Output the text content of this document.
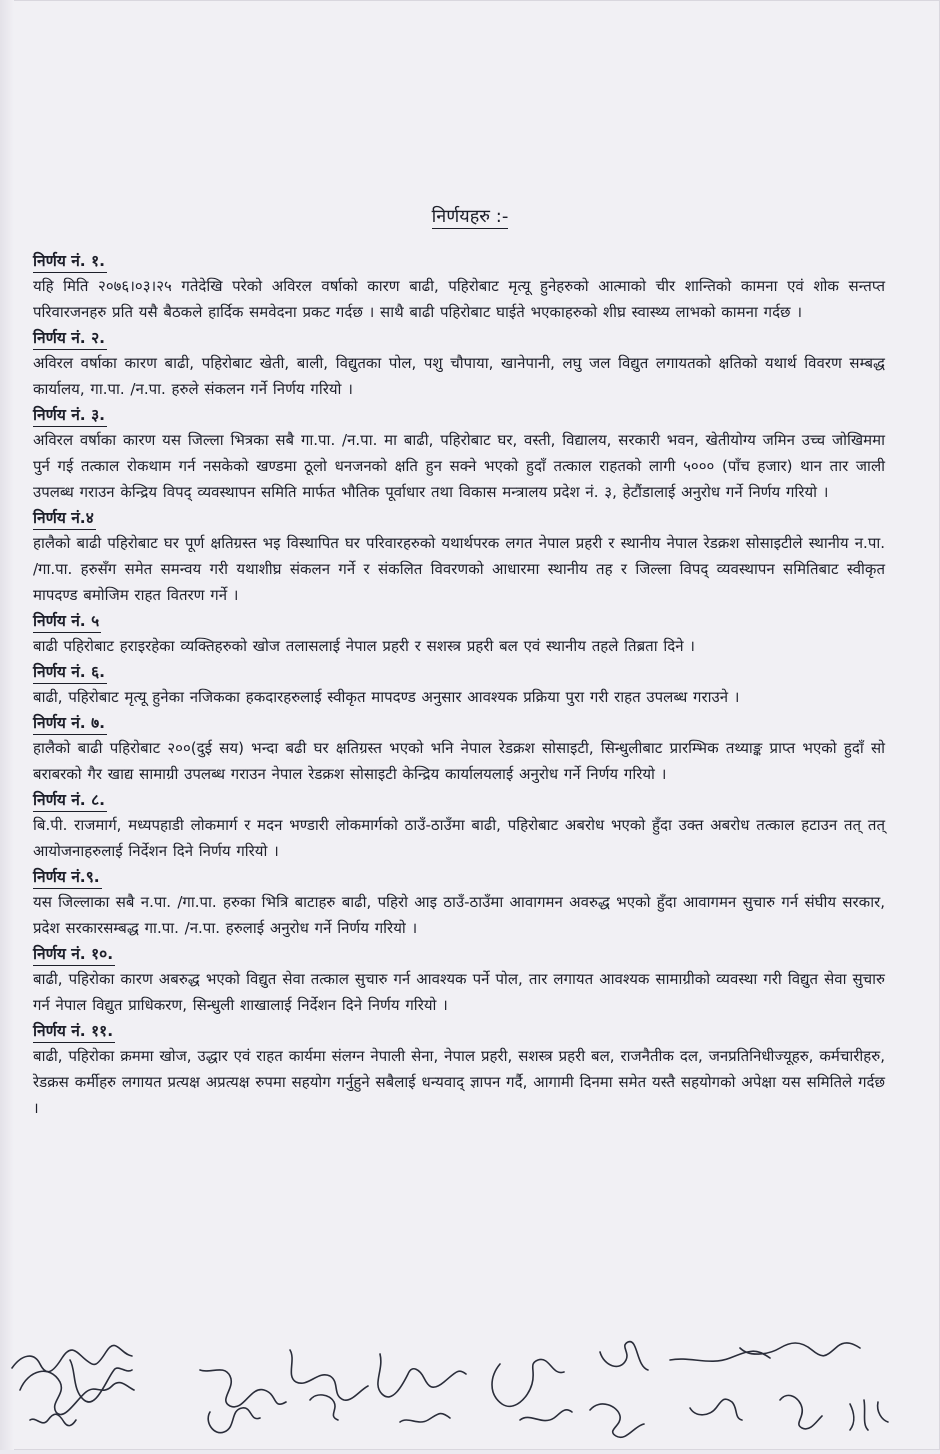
निर्णयहरु :-
निर्णय नं. १.

यहि मिति २०७६।०३।२५ गतेदेखि परेको अविरल वर्षाको कारण बाढी, पहिरोबाट मृत्यू हुनेहरुको आत्माको चीर शान्तिको कामना एवं शोक सन्तप्त परिवारजनहरु प्रति यसै बैठकले हार्दिक समवेदना प्रकट गर्दछ । साथै बाढी पहिरोबाट घाईते भएकाहरुको शीघ्र स्वास्थ्य लाभको कामना गर्दछ ।

निर्णय नं. २.

अविरल वर्षाका कारण बाढी, पहिरोबाट खेती, बाली, विद्युतका पोल, पशु चौपाया, खानेपानी, लघु जल विद्युत लगायतको क्षतिको यथार्थ विवरण सम्बद्ध कार्यालय, गा.पा. /न.पा. हरुले संकलन गर्ने निर्णय गरियो ।

निर्णय नं. ३.

अविरल वर्षाका कारण यस जिल्ला भित्रका सबै गा.पा. /न.पा. मा बाढी, पहिरोबाट घर, वस्ती, विद्यालय, सरकारी भवन, खेतीयोग्य जमिन उच्च जोखिममा पुर्न गई तत्काल रोकथाम गर्न नसकेको खण्डमा ठूलो धनजनको क्षति हुन सक्ने भएको हुदाँ तत्काल राहतको लागी ५००० (पाँच हजार) थान तार जाली उपलब्ध गराउन केन्द्रिय विपद् व्यवस्थापन समिति मार्फत भौतिक पूर्वाधार तथा विकास मन्त्रालय प्रदेश नं. ३, हेटौंडालाई अनुरोध गर्ने निर्णय गरियो ।

निर्णय नं.४

हालैको बाढी पहिरोबाट घर पूर्ण क्षतिग्रस्त भइ विस्थापित घर परिवारहरुको यथार्थपरक लगत नेपाल प्रहरी र स्थानीय नेपाल रेडक्रश सोसाइटीले स्थानीय न.पा. /गा.पा. हरुसँग समेत समन्वय गरी यथाशीघ्र संकलन गर्ने र संकलित विवरणको आधारमा स्थानीय तह र जिल्ला विपद् व्यवस्थापन समितिबाट स्वीकृत मापदण्ड बमोजिम राहत वितरण गर्ने ।

निर्णय नं. ५

बाढी पहिरोबाट हराइरहेका व्यक्तिहरुको खोज तलासलाई नेपाल प्रहरी र सशस्त्र प्रहरी बल एवं स्थानीय तहले तिब्रता दिने ।

निर्णय नं. ६.

बाढी, पहिरोबाट मृत्यू हुनेका नजिकका हकदारहरुलाई स्वीकृत मापदण्ड अनुसार आवश्यक प्रक्रिया पुरा गरी राहत उपलब्ध गराउने ।

निर्णय नं. ७.

हालैको बाढी पहिरोबाट २००(दुई सय) भन्दा बढी घर क्षतिग्रस्त भएको भनि नेपाल रेडक्रश सोसाइटी, सिन्धुलीबाट प्रारम्भिक तथ्याङ्क प्राप्त भएको हुदाँ सो बराबरको गैर खाद्य सामाग्री उपलब्ध गराउन नेपाल रेडक्रश सोसाइटी केन्द्रिय कार्यालयलाई अनुरोध गर्ने निर्णय गरियो ।

निर्णय नं. ८.

बि.पी. राजमार्ग, मध्यपहाडी लोकमार्ग र मदन भण्डारी लोकमार्गको ठाउँ-ठाउँमा बाढी, पहिरोबाट अबरोध भएको हुँदा उक्त अबरोध तत्काल हटाउन तत् तत् आयोजनाहरुलाई निर्देशन दिने निर्णय गरियो ।

निर्णय नं.९.

यस जिल्लाका सबै न.पा. /गा.पा. हरुका भित्रि बाटाहरु बाढी, पहिरो आइ ठाउँ-ठाउँमा आवागमन अवरुद्ध भएको हुँदा आवागमन सुचारु गर्न संघीय सरकार, प्रदेश सरकारसम्बद्ध गा.पा. /न.पा. हरुलाई अनुरोध गर्ने निर्णय गरियो ।

निर्णय नं. १०.

बाढी, पहिरोका कारण अबरुद्ध भएको विद्युत सेवा तत्काल सुचारु गर्न आवश्यक पर्ने पोल, तार लगायत आवश्यक सामाग्रीको व्यवस्था गरी विद्युत सेवा सुचारु गर्न नेपाल विद्युत प्राधिकरण, सिन्धुली शाखालाई निर्देशन दिने निर्णय गरियो ।

निर्णय नं. ११.

बाढी, पहिरोका क्रममा खोज, उद्धार एवं राहत कार्यमा संलग्न नेपाली सेना, नेपाल प्रहरी, सशस्त्र प्रहरी बल, राजनैतीक दल, जनप्रतिनिधीज्यूहरु, कर्मचारीहरु, रेडक्रस कर्मीहरु लगायत प्रत्यक्ष अप्रत्यक्ष रुपमा सहयोग गर्नुहुने सबैलाई धन्यवाद् ज्ञापन गर्दै, आगामी दिनमा समेत यस्तै सहयोगको अपेक्षा यस समितिले गर्दछ ।
